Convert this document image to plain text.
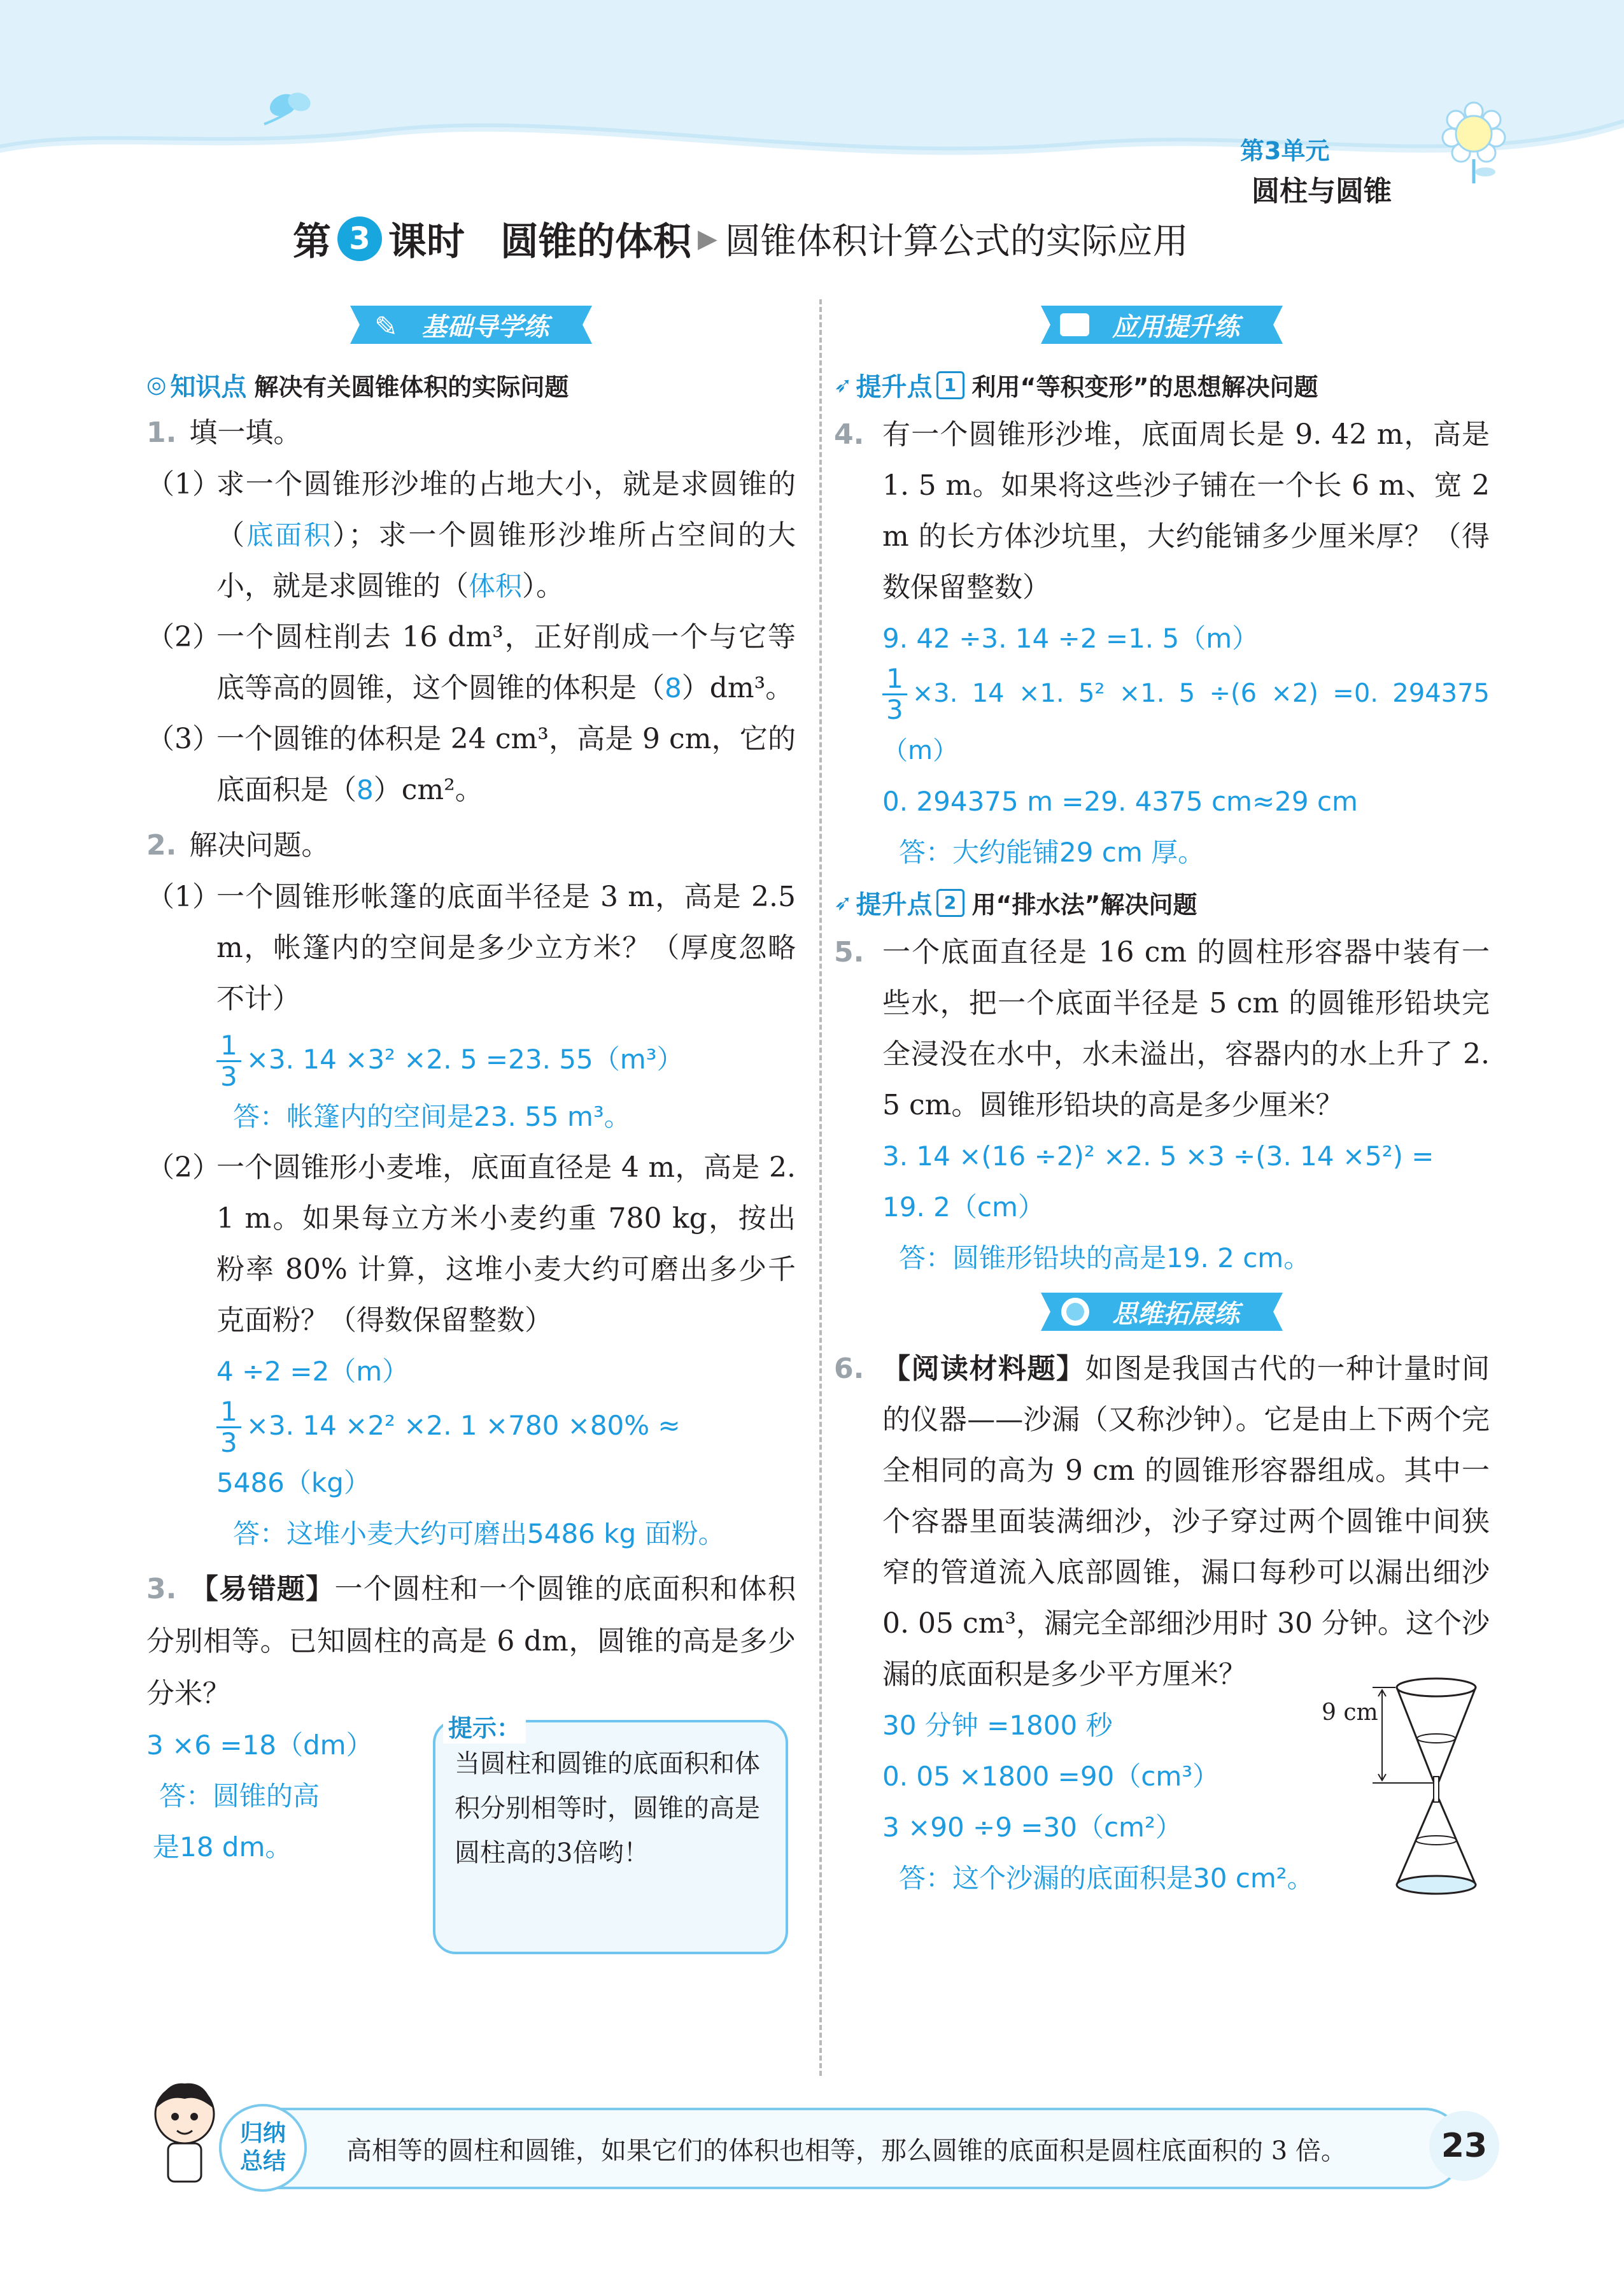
第3单元
圆柱与圆锥
第 3 课时 圆锥的体积 ▶ 圆锥体积计算公式的实际应用
✎ 基础导学练
◎ 知识点 解决有关圆锥体积的实际问题
1. 填一填。
（1）
求一个圆锥形沙堆的占地大小，就是求圆锥的（底面积）；求一个圆锥形沙堆所占空间的大小，就是求圆锥的（体积）。
（2）
一个圆柱削去 16 dm³，正好削成一个与它等底等高的圆锥，这个圆锥的体积是（8）dm³。
（3）
一个圆锥的体积是 24 cm³，高是 9 cm，它的底面积是（8）cm²。
2. 解决问题。
（1）
一个圆锥形帐篷的底面半径是 3 m，高是 2.5 m，帐篷内的空间是多少立方米？（厚度忽略不计）
$\frac{1}{3} \times 3$. 14 ×3² ×2. 5 =23. 55（m³）
答：帐篷内的空间是23. 55 m³。
（2）
一个圆锥形小麦堆，底面直径是 4 m，高是 2. 1 m。如果每立方米小麦约重 780 kg，按出粉率 80% 计算，这堆小麦大约可磨出多少千克面粉？（得数保留整数）
4 ÷2 =2（m）
$\frac{1}{3} \times 3$. 14 ×2² ×2. 1 ×780 ×80% ≈
5486（kg）
答：这堆小麦大约可磨出5486 kg 面粉。
3. 【易错题】一个圆柱和一个圆锥的底面积和体积分别相等。已知圆柱的高是 6 dm，圆锥的高是多少分米？
3 ×6 =18（dm）
答：圆锥的高
是18 dm。
提示：
当圆柱和圆锥的底面积和体积分别相等时，圆锥的高是圆柱高的3倍哟！
应用提升练
➶ 提升点 1 利用“等积变形”的思想解决问题
4. 有一个圆锥形沙堆，底面周长是 9. 42 m，高是 1. 5 m。如果将这些沙子铺在一个长 6 m、宽 2 m 的长方体沙坑里，大约能铺多少厘米厚？（得数保留整数）
9. 42 ÷3. 14 ÷2 =1. 5（m）
$\frac{1}{3} \times 3$. 14 ×1. 5² ×1. 5 ÷(6 ×2) =0. 294375（m）
0. 294375 m =29. 4375 cm≈29 cm
答：大约能铺29 cm 厚。
➶ 提升点 2 用“排水法”解决问题
5. 一个底面直径是 16 cm 的圆柱形容器中装有一些水，把一个底面半径是 5 cm 的圆锥形铅块完全浸没在水中，水未溢出，容器内的水上升了 2. 5 cm。圆锥形铅块的高是多少厘米？
3. 14 ×(16 ÷2)² ×2. 5 ×3 ÷(3. 14 ×5²) =
19. 2（cm）
答：圆锥形铅块的高是19. 2 cm。
思维拓展练
6. 【阅读材料题】如图是我国古代的一种计量时间的仪器——沙漏（又称沙钟）。它是由上下两个完全相同的高为 9 cm 的圆锥形容器组成。其中一个容器里面装满细沙，沙子穿过两个圆锥中间狭窄的管道流入底部圆锥，漏口每秒可以漏出细沙 0. 05 cm³，漏完全部细沙用时 30 分钟。这个沙漏的底面积是多少平方厘米？
30 分钟 =1800 秒
0. 05 ×1800 =90（cm³）
3 ×90 ÷9 =30（cm²）
答：这个沙漏的底面积是30 cm²。
9 cm
归纳
总结 高相等的圆柱和圆锥，如果它们的体积也相等，那么圆锥的底面积是圆柱底面积的 3 倍。	23
